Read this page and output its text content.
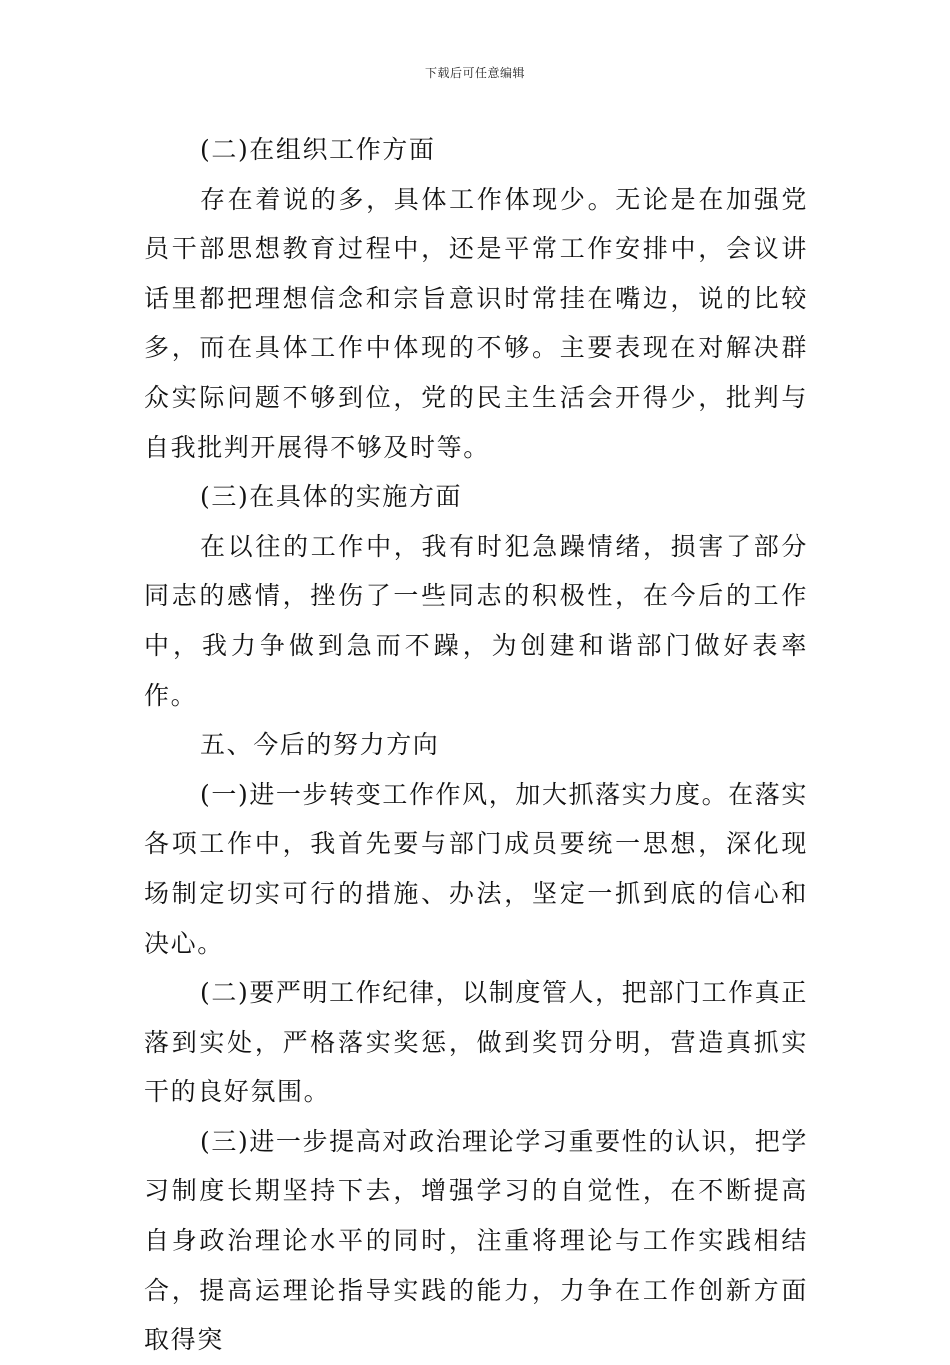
下载后可任意编辑

(二)在组织工作方面

存在着说的多，具体工作体现少。无论是在加强党员干部思想教育过程中，还是平常工作安排中，会议讲话里都把理想信念和宗旨意识时常挂在嘴边，说的比较多，而在具体工作中体现的不够。主要表现在对解决群众实际问题不够到位，党的民主生活会开得少，批判与自我批判开展得不够及时等。

(三)在具体的实施方面

在以往的工作中，我有时犯急躁情绪，损害了部分同志的感情，挫伤了一些同志的积极性，在今后的工作中，我力争做到急而不躁，为创建和谐部门做好表率作。

五、今后的努力方向

(一)进一步转变工作作风，加大抓落实力度。在落实各项工作中，我首先要与部门成员要统一思想，深化现场制定切实可行的措施、办法，坚定一抓到底的信心和决心。

(二)要严明工作纪律，以制度管人，把部门工作真正落到实处，严格落实奖惩，做到奖罚分明，营造真抓实干的良好氛围。

(三)进一步提高对政治理论学习重要性的认识，把学习制度长期坚持下去，增强学习的自觉性，在不断提高自身政治理论水平的同时，注重将理论与工作实践相结合，提高运理论指导实践的能力，力争在工作创新方面取得突
